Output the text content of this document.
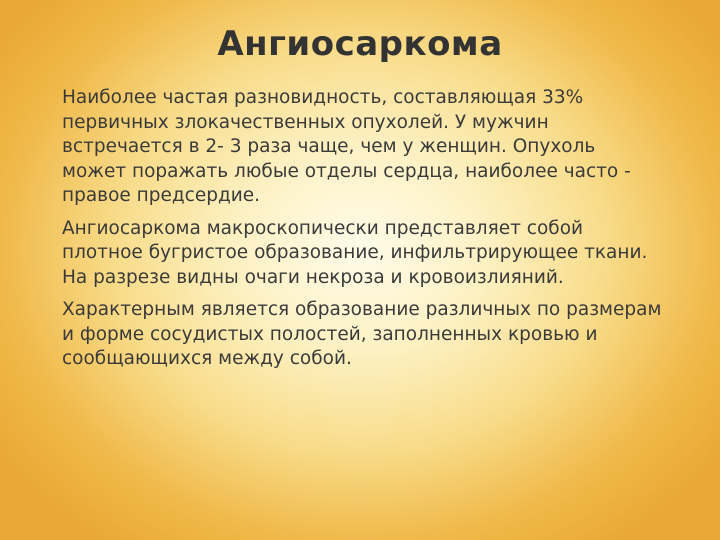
Ангиосаркома

Наиболее частая разновидность, составляющая 33%
первичных злокачественных опухолей. У мужчин
встречается в 2- 3 раза чаще, чем у женщин. Опухоль
может поражать любые отделы сердца, наиболее часто -
правое предсердие.

Ангиосаркома макроскопически представляет собой
плотное бугристое образование, инфильтрирующее ткани.
На разрезе видны очаги некроза и кровоизлияний.

Характерным является образование различных по размерам
и форме сосудистых полостей, заполненных кровью и
сообщающихся между собой.
